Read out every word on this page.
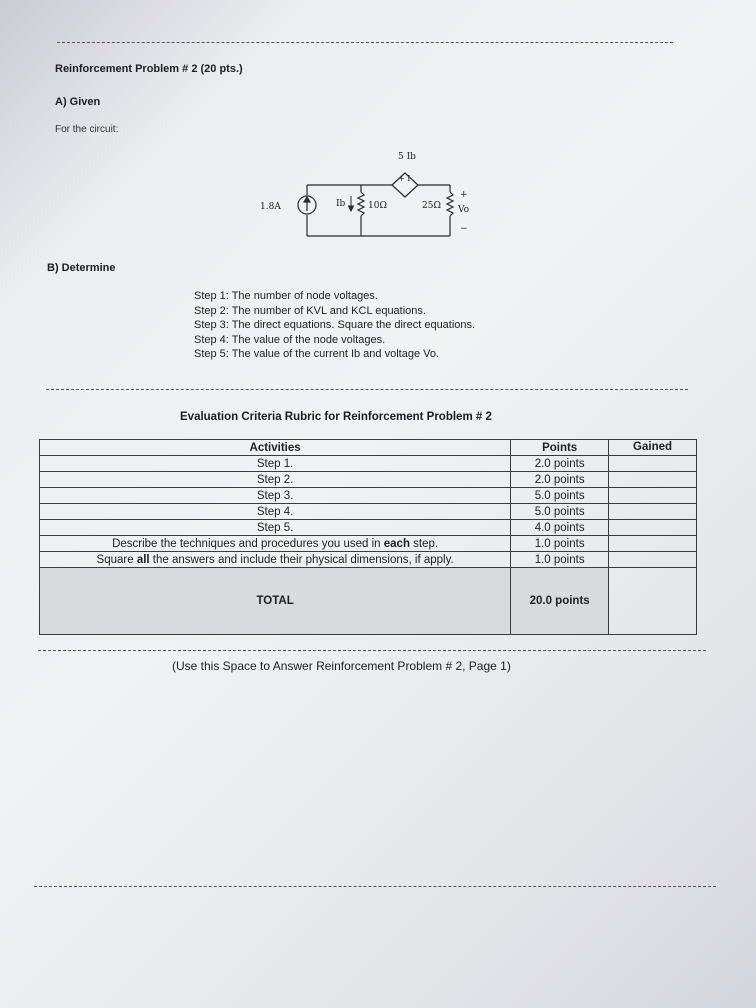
Reinforcement Problem # 2 (20 pts.)
A) Given
For the circuit:
5 Ib
+ I
1.8A	Ib	10Ω	25Ω
+
Vo
−
B) Determine
Step 1: The number of node voltages.
Step 2: The number of KVL and KCL equations.
Step 3: The direct equations. Square the direct equations.
Step 4: The value of the node voltages.
Step 5: The value of the current Ib and voltage Vo.
Evaluation Criteria Rubric for Reinforcement Problem # 2
Activities	Points	Gained
Step 1.	2.0 points	
Step 2.	2.0 points	
Step 3.	5.0 points	
Step 4.	5.0 points	
Step 5.	4.0 points	
Describe the techniques and procedures you used in each step.	1.0 points	
Square all the answers and include their physical dimensions, if apply.	1.0 points	
TOTAL	20.0 points	
(Use this Space to Answer Reinforcement Problem # 2, Page 1)
